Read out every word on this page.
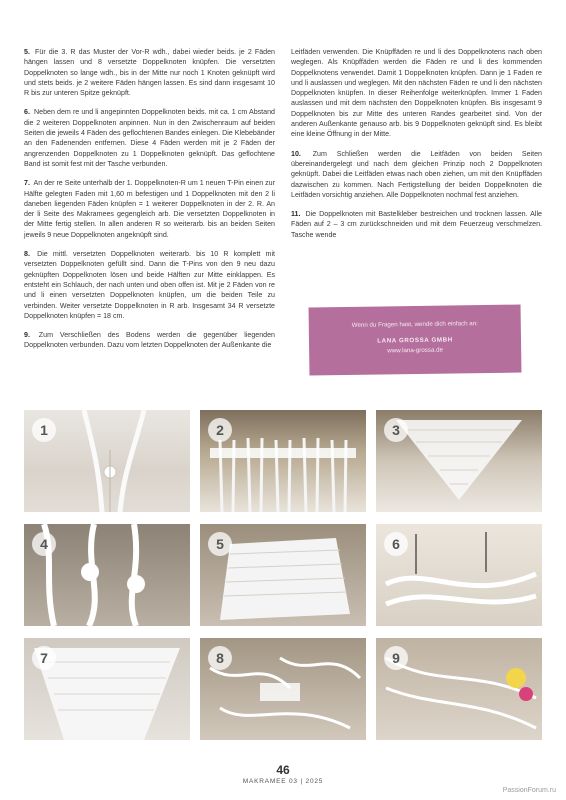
5. Für die 3. R das Muster der Vor-R wdh., dabei wieder beids. je 2 Fäden hängen lassen und 8 versetzte Doppelknoten knüpfen. Die versetzten Doppelknoten so lange wdh., bis in der Mitte nur noch 1 Knoten geknüpft wird und stets beids. je 2 weitere Fäden hängen lassen. Es sind dann insgesamt 10 R bis zur unteren Spitze geknüpft.

6. Neben dem re und li angepinnten Doppelknoten beids. mit ca. 1 cm Abstand die 2 weiteren Doppelknoten anpinnen. Nun in den Zwischenraum auf beiden Seiten die jeweils 4 Fäden des geflochtenen Bandes einlegen. Die Klebebänder an den Fadenenden entfernen. Diese 4 Fäden werden mit je 2 Fäden der angrenzenden Doppelknoten zu 1 Doppelknoten geknüpft. Das geflochtene Band ist somit fest mit der Tasche verbunden.

7. An der re Seite unterhalb der 1. Doppelknoten-R um 1 neuen T-Pin einen zur Hälfte gelegten Faden mit 1,60 m befestigen und 1 Doppelknoten mit den 2 li daneben liegenden Fäden knüpfen = 1 weiterer Doppelknoten in der 2. R. An der li Seite des Makramees gegengleich arb. Die versetzten Doppelknoten in der Mitte fertig stellen. In allen anderen R so weiterarb. bis an beiden Seiten jeweils 9 neue Doppelknoten angeknüpft sind.

8. Die mittl. versetzten Doppelknoten weiterarb. bis 10 R komplett mit versetzten Doppelknoten gefüllt sind. Dann die T-Pins von den 9 neu dazu geknüpften Doppelknoten lösen und beide Hälften zur Mitte einklappen. Es entsteht ein Schlauch, der nach unten und oben offen ist. Mit je 2 Fäden von re und li einen versetzten Doppelknoten knüpfen, um die beiden Teile zu verbinden. Weiter versetzte Doppelknoten in R arb. Insgesamt 34 R versetzte Doppelknoten knüpfen = 18 cm.

9. Zum Verschließen des Bodens werden die gegenüber liegenden Doppelknoten verbunden. Dazu vom letzten Doppelknoten der Außenkante die

Leitfäden verwenden. Die Knüpffäden re und li des Doppelknotens nach oben weglegen. Als Knüpffäden werden die Fäden re und li des kommenden Doppelknotens verwendet. Damit 1 Doppelknoten knüpfen. Dann je 1 Faden re und li auslassen und weglegen. Mit den nächsten Fäden re und li den nächsten Doppelknoten knüpfen. In dieser Reihenfolge weiterknüpfen. Immer 1 Faden auslassen und mit dem nächsten den Doppelknoten knüpfen. Bis insgesamt 9 Doppelknoten bis zur Mitte des unteren Randes gearbeitet sind. Von der anderen Außenkante genauso arb. bis 9 Doppelknoten geknüpft sind. Es bleibt eine kleine Öffnung in der Mitte.

10. Zum Schließen werden die Leitfäden von beiden Seiten übereinandergelegt und nach dem gleichen Prinzip noch 2 Doppelknoten geknüpft. Dabei die Leitfäden etwas nach oben ziehen, um mit den Knüpffäden dazwischen zu kommen. Nach Fertigstellung der beiden Doppelknoten die Leitfäden vorsichtig anziehen. Alle Doppelknoten nochmal fest anziehen.

11. Die Doppelknoten mit Bastelkleber bestreichen und trocknen lassen. Alle Fäden auf 2 – 3 cm zurückschneiden und mit dem Feuerzeug verschmelzen. Tasche wende

Wenn du Fragen hast, wende dich einfach an:
LANA GROSSA GMBH
www.lana-grossa.de
1	2	3
4	5	6
7	8	9
46
MAKRAMEE 03 | 2025
PassionForum.ru
